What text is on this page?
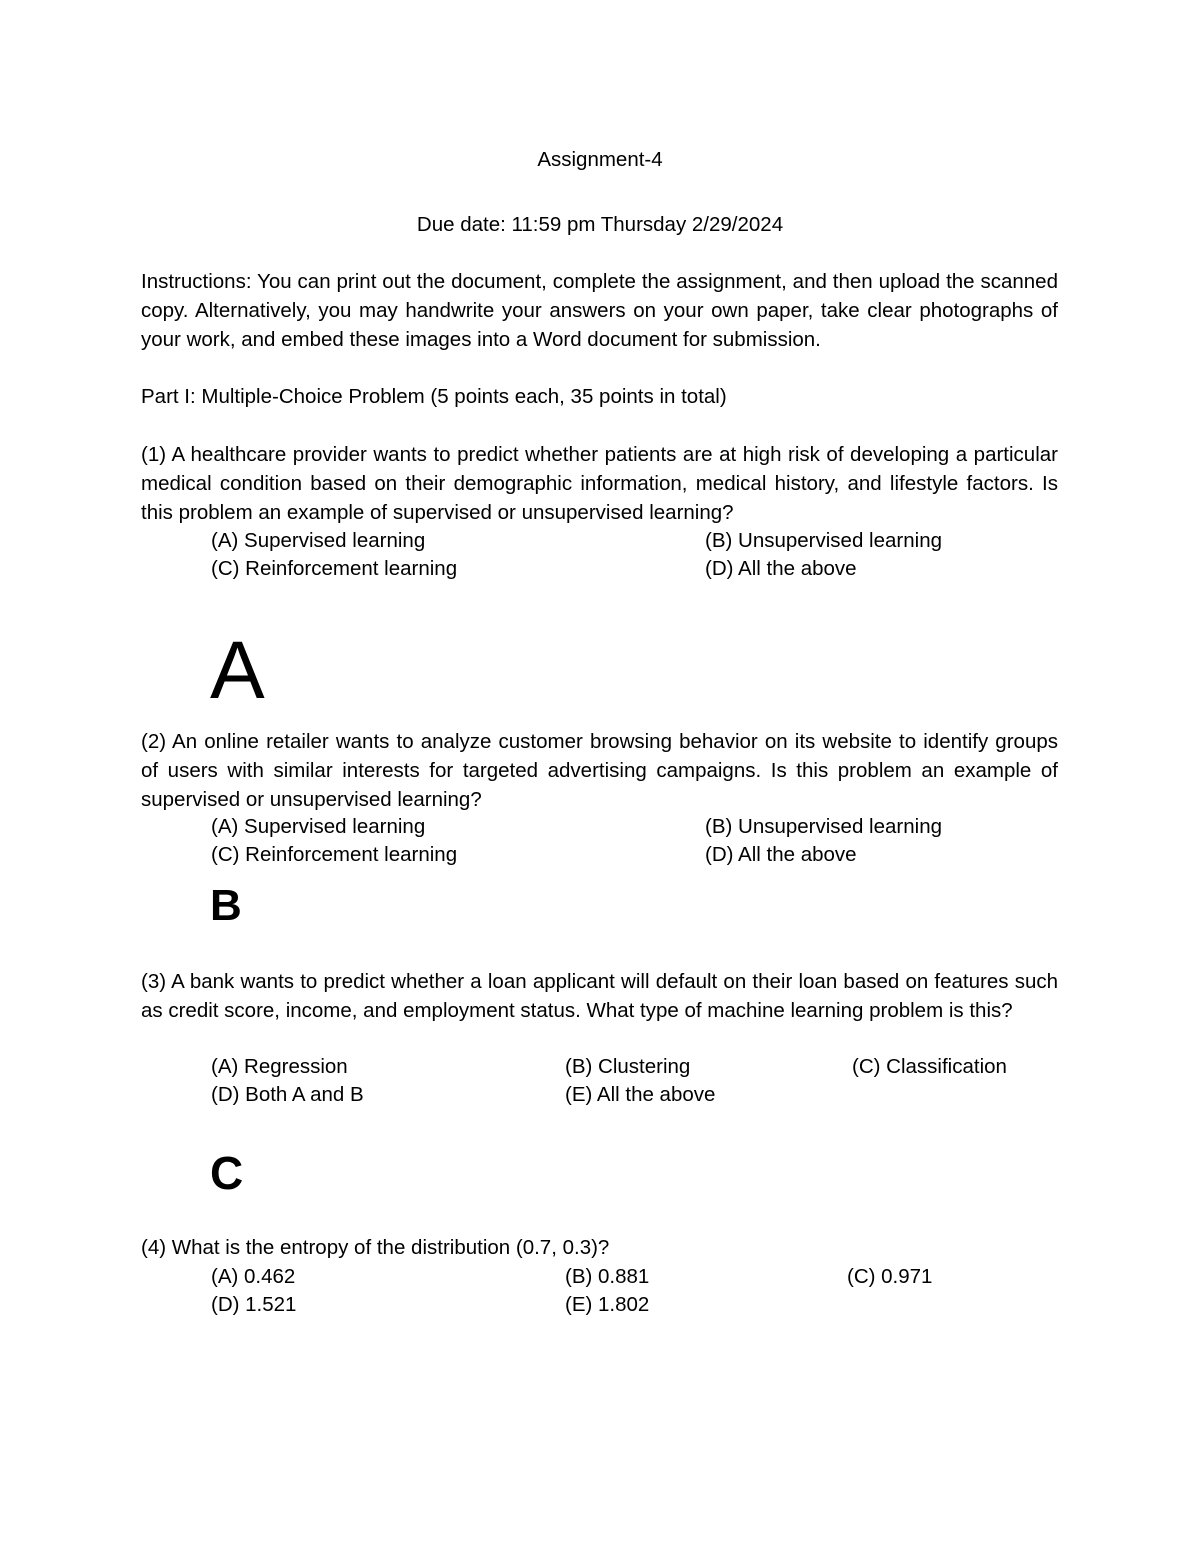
Assignment-4
Due date: 11:59 pm Thursday 2/29/2024
Instructions: You can print out the document, complete the assignment, and then upload the scanned copy. Alternatively, you may handwrite your answers on your own paper, take clear photographs of your work, and embed these images into a Word document for submission.
Part I: Multiple-Choice Problem (5 points each, 35 points in total)
(1) A healthcare provider wants to predict whether patients are at high risk of developing a particular medical condition based on their demographic information, medical history, and lifestyle factors. Is this problem an example of supervised or unsupervised learning?
(A) Supervised learning	(B) Unsupervised learning
(C) Reinforcement learning	(D) All the above
A
(2) An online retailer wants to analyze customer browsing behavior on its website to identify groups of users with similar interests for targeted advertising campaigns. Is this problem an example of supervised or unsupervised learning?
(A) Supervised learning	(B) Unsupervised learning
(C) Reinforcement learning	(D) All the above
B
(3) A bank wants to predict whether a loan applicant will default on their loan based on features such as credit score, income, and employment status. What type of machine learning problem is this?
(A) Regression	(B) Clustering	(C) Classification
(D) Both A and B	(E) All the above
C
(4) What is the entropy of the distribution (0.7, 0.3)?
(A) 0.462	(B) 0.881	(C) 0.971
(D) 1.521	(E) 1.802
